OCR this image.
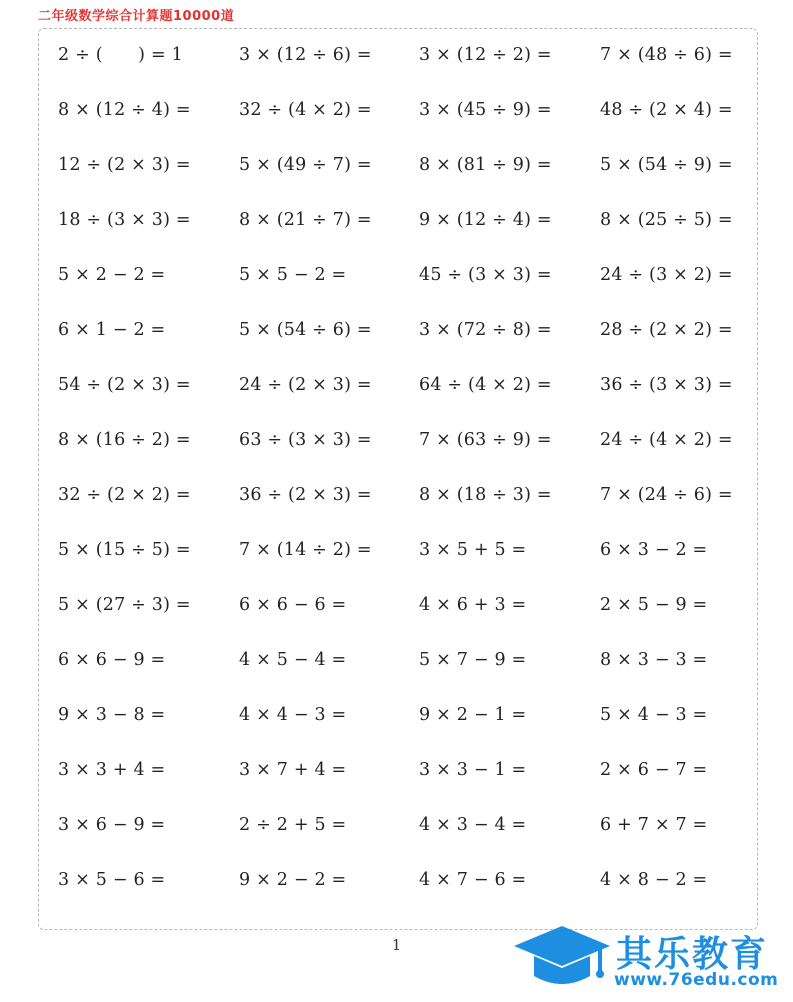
二年级数学综合计算题10000道
2 ÷ (　　) = 1	3 × (12 ÷ 6) =	3 × (12 ÷ 2) =	7 × (48 ÷ 6) =
8 × (12 ÷ 4) =	32 ÷ (4 × 2) =	3 × (45 ÷ 9) =	48 ÷ (2 × 4) =
12 ÷ (2 × 3) =	5 × (49 ÷ 7) =	8 × (81 ÷ 9) =	5 × (54 ÷ 9) =
18 ÷ (3 × 3) =	8 × (21 ÷ 7) =	9 × (12 ÷ 4) =	8 × (25 ÷ 5) =
5 × 2 − 2 =	5 × 5 − 2 =	45 ÷ (3 × 3) =	24 ÷ (3 × 2) =
6 × 1 − 2 =	5 × (54 ÷ 6) =	3 × (72 ÷ 8) =	28 ÷ (2 × 2) =
54 ÷ (2 × 3) =	24 ÷ (2 × 3) =	64 ÷ (4 × 2) =	36 ÷ (3 × 3) =
8 × (16 ÷ 2) =	63 ÷ (3 × 3) =	7 × (63 ÷ 9) =	24 ÷ (4 × 2) =
32 ÷ (2 × 2) =	36 ÷ (2 × 3) =	8 × (18 ÷ 3) =	7 × (24 ÷ 6) =
5 × (15 ÷ 5) =	7 × (14 ÷ 2) =	3 × 5 + 5 =	6 × 3 − 2 =
5 × (27 ÷ 3) =	6 × 6 − 6 =	4 × 6 + 3 =	2 × 5 − 9 =
6 × 6 − 9 =	4 × 5 − 4 =	5 × 7 − 9 =	8 × 3 − 3 =
9 × 3 − 8 =	4 × 4 − 3 =	9 × 2 − 1 =	5 × 4 − 3 =
3 × 3 + 4 =	3 × 7 + 4 =	3 × 3 − 1 =	2 × 6 − 7 =
3 × 6 − 9 =	2 ÷ 2 + 5 =	4 × 3 − 4 =	6 + 7 × 7 =
3 × 5 − 6 =	9 × 2 − 2 =	4 × 7 − 6 =	4 × 8 − 2 =
1	其乐教育
www.76edu.com
